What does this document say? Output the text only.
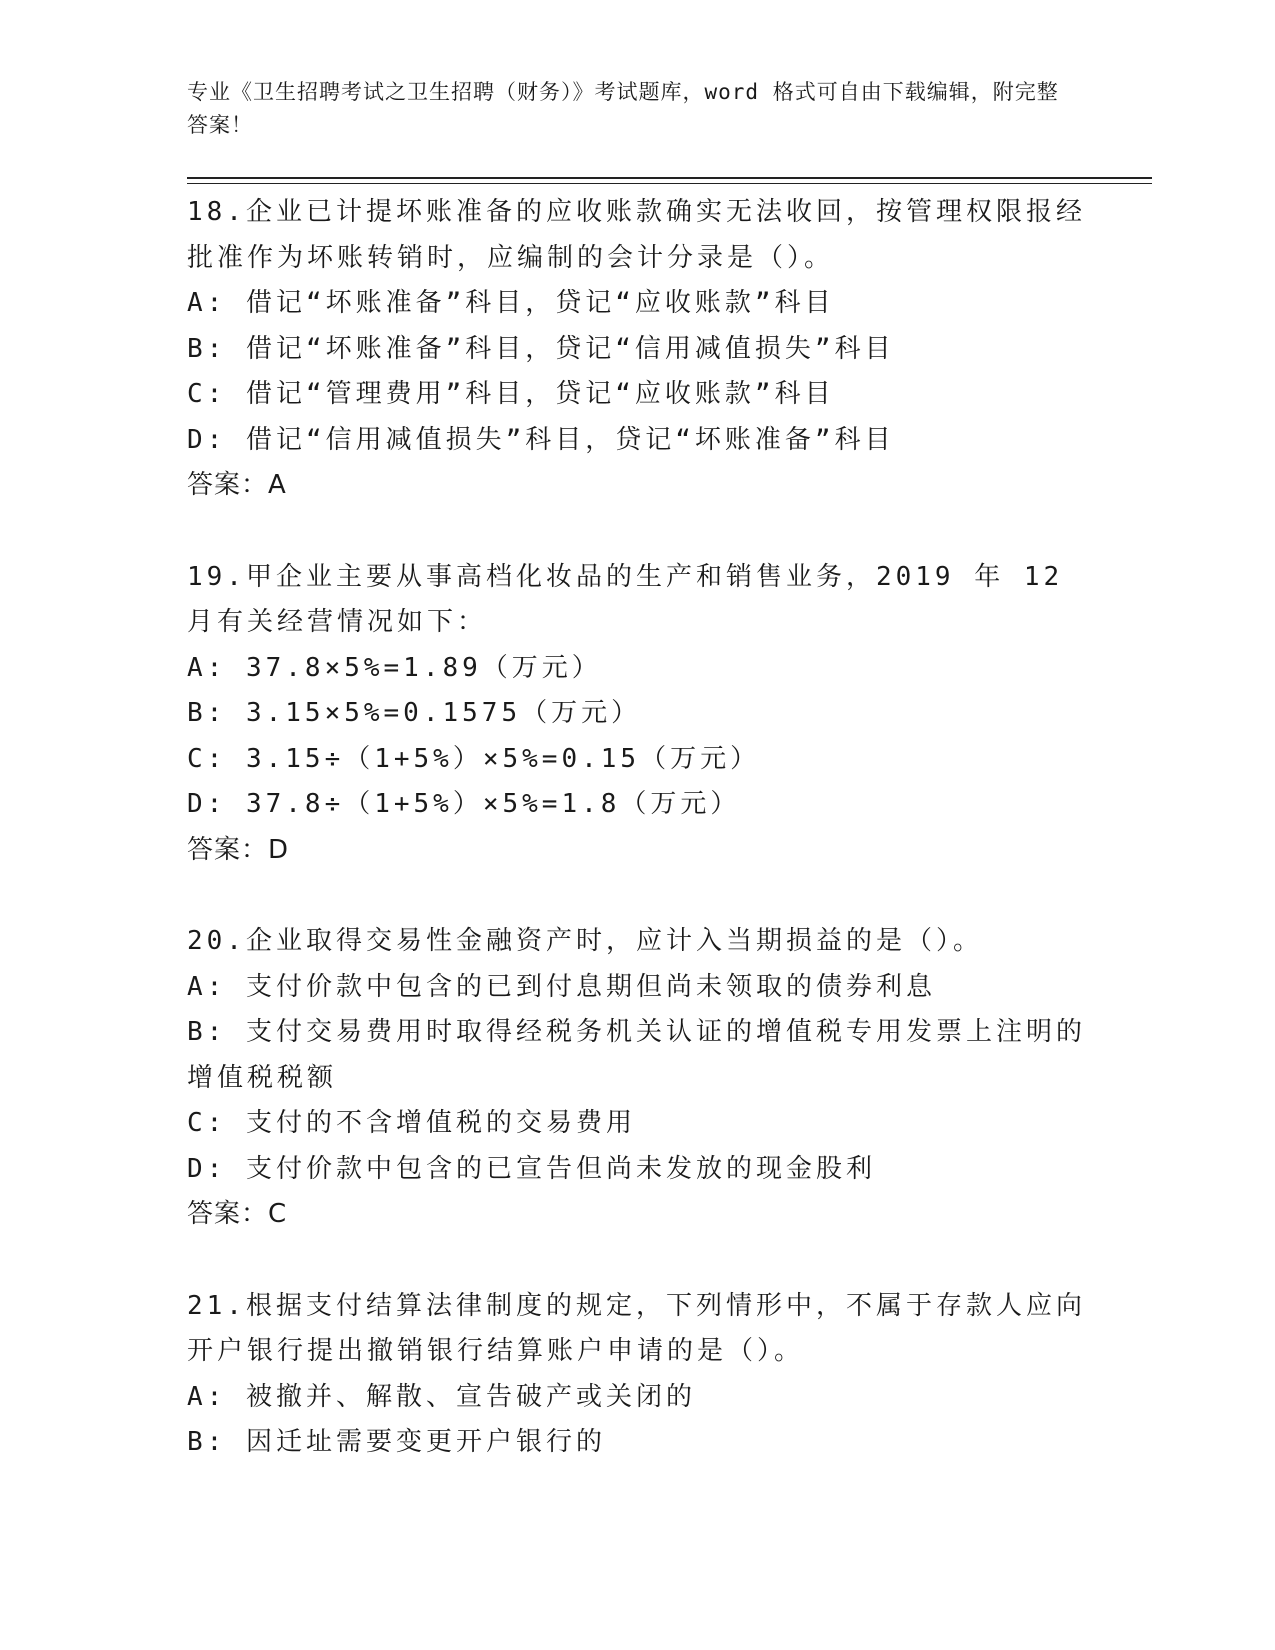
专业《卫生招聘考试之卫生招聘（财务）》考试题库，word 格式可自由下载编辑，附完整答案！
18.企业已计提坏账准备的应收账款确实无法收回，按管理权限报经批准作为坏账转销时，应编制的会计分录是（）。
A: 借记“坏账准备”科目，贷记“应收账款”科目
B: 借记“坏账准备”科目，贷记“信用减值损失”科目
C: 借记“管理费用”科目，贷记“应收账款”科目
D: 借记“信用减值损失”科目，贷记“坏账准备”科目
答案：A
19.甲企业主要从事高档化妆品的生产和销售业务，2019 年 12 月有关经营情况如下：
A: 37.8×5%=1.89（万元）
B: 3.15×5%=0.1575（万元）
C: 3.15÷（1+5%）×5%=0.15（万元）
D: 37.8÷（1+5%）×5%=1.8（万元）
答案：D
20.企业取得交易性金融资产时，应计入当期损益的是（）。
A: 支付价款中包含的已到付息期但尚未领取的债券利息
B: 支付交易费用时取得经税务机关认证的增值税专用发票上注明的增值税税额
C: 支付的不含增值税的交易费用
D: 支付价款中包含的已宣告但尚未发放的现金股利
答案：C
21.根据支付结算法律制度的规定，下列情形中，不属于存款人应向开户银行提出撤销银行结算账户申请的是（）。
A: 被撤并、解散、宣告破产或关闭的
B: 因迁址需要变更开户银行的
